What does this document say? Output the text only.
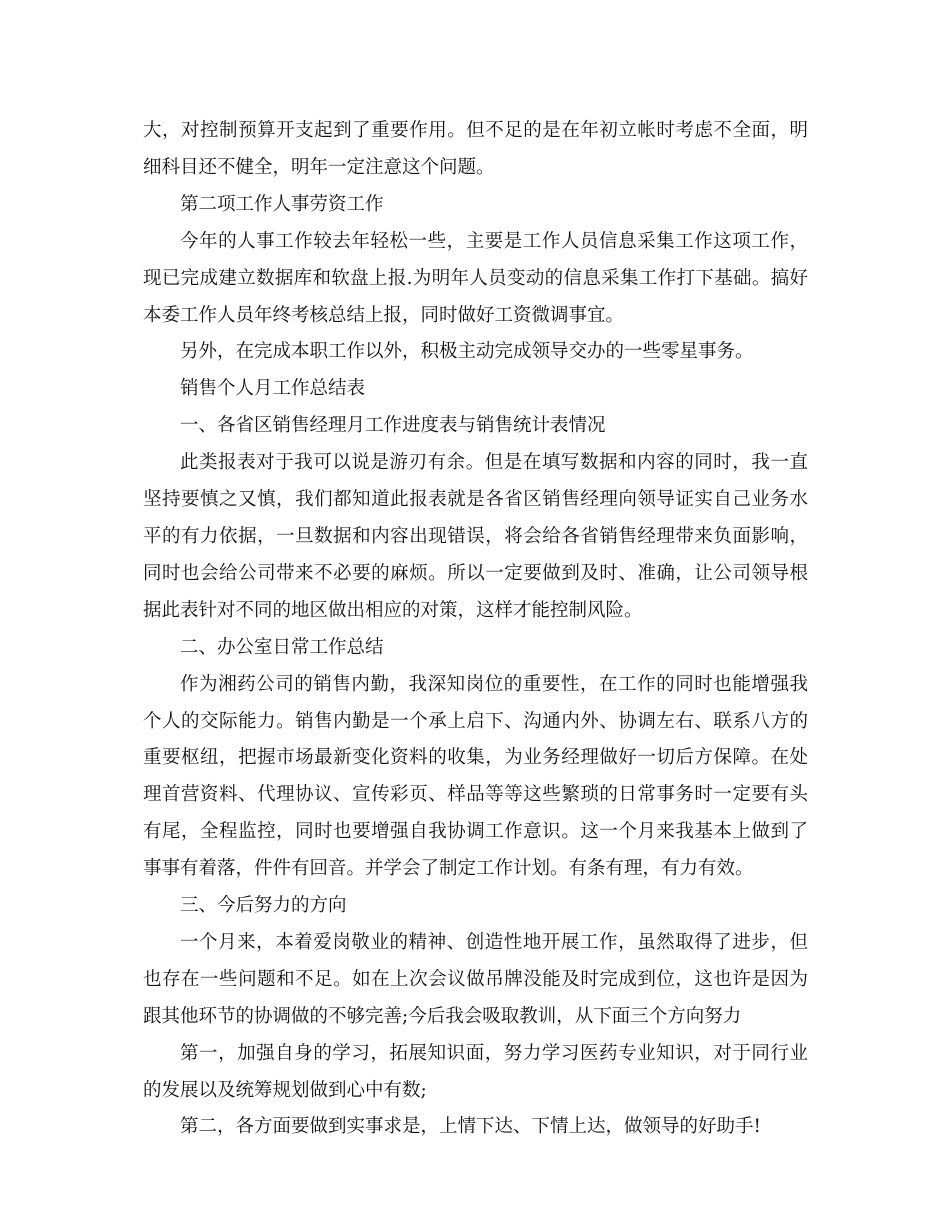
大，对控制预算开支起到了重要作用。但不足的是在年初立帐时考虑不全面，明细科目还不健全，明年一定注意这个问题。

第二项工作人事劳资工作

今年的人事工作较去年轻松一些，主要是工作人员信息采集工作这项工作，现已完成建立数据库和软盘上报.为明年人员变动的信息采集工作打下基础。搞好本委工作人员年终考核总结上报，同时做好工资微调事宜。

另外，在完成本职工作以外，积极主动完成领导交办的一些零星事务。

销售个人月工作总结表

一、各省区销售经理月工作进度表与销售统计表情况

此类报表对于我可以说是游刃有余。但是在填写数据和内容的同时，我一直坚持要慎之又慎，我们都知道此报表就是各省区销售经理向领导证实自己业务水平的有力依据，一旦数据和内容出现错误，将会给各省销售经理带来负面影响，同时也会给公司带来不必要的麻烦。所以一定要做到及时、准确，让公司领导根据此表针对不同的地区做出相应的对策，这样才能控制风险。

二、办公室日常工作总结

作为湘药公司的销售内勤，我深知岗位的重要性，在工作的同时也能增强我个人的交际能力。销售内勤是一个承上启下、沟通内外、协调左右、联系八方的重要枢纽，把握市场最新变化资料的收集，为业务经理做好一切后方保障。在处理首营资料、代理协议、宣传彩页、样品等等这些繁琐的日常事务时一定要有头有尾，全程监控，同时也要增强自我协调工作意识。这一个月来我基本上做到了事事有着落，件件有回音。并学会了制定工作计划。有条有理，有力有效。

三、今后努力的方向

一个月来，本着爱岗敬业的精神、创造性地开展工作，虽然取得了进步，但也存在一些问题和不足。如在上次会议做吊牌没能及时完成到位，这也许是因为跟其他环节的协调做的不够完善;今后我会吸取教训，从下面三个方向努力

第一，加强自身的学习，拓展知识面，努力学习医药专业知识，对于同行业的发展以及统筹规划做到心中有数;

第二，各方面要做到实事求是，上情下达、下情上达，做领导的好助手!
